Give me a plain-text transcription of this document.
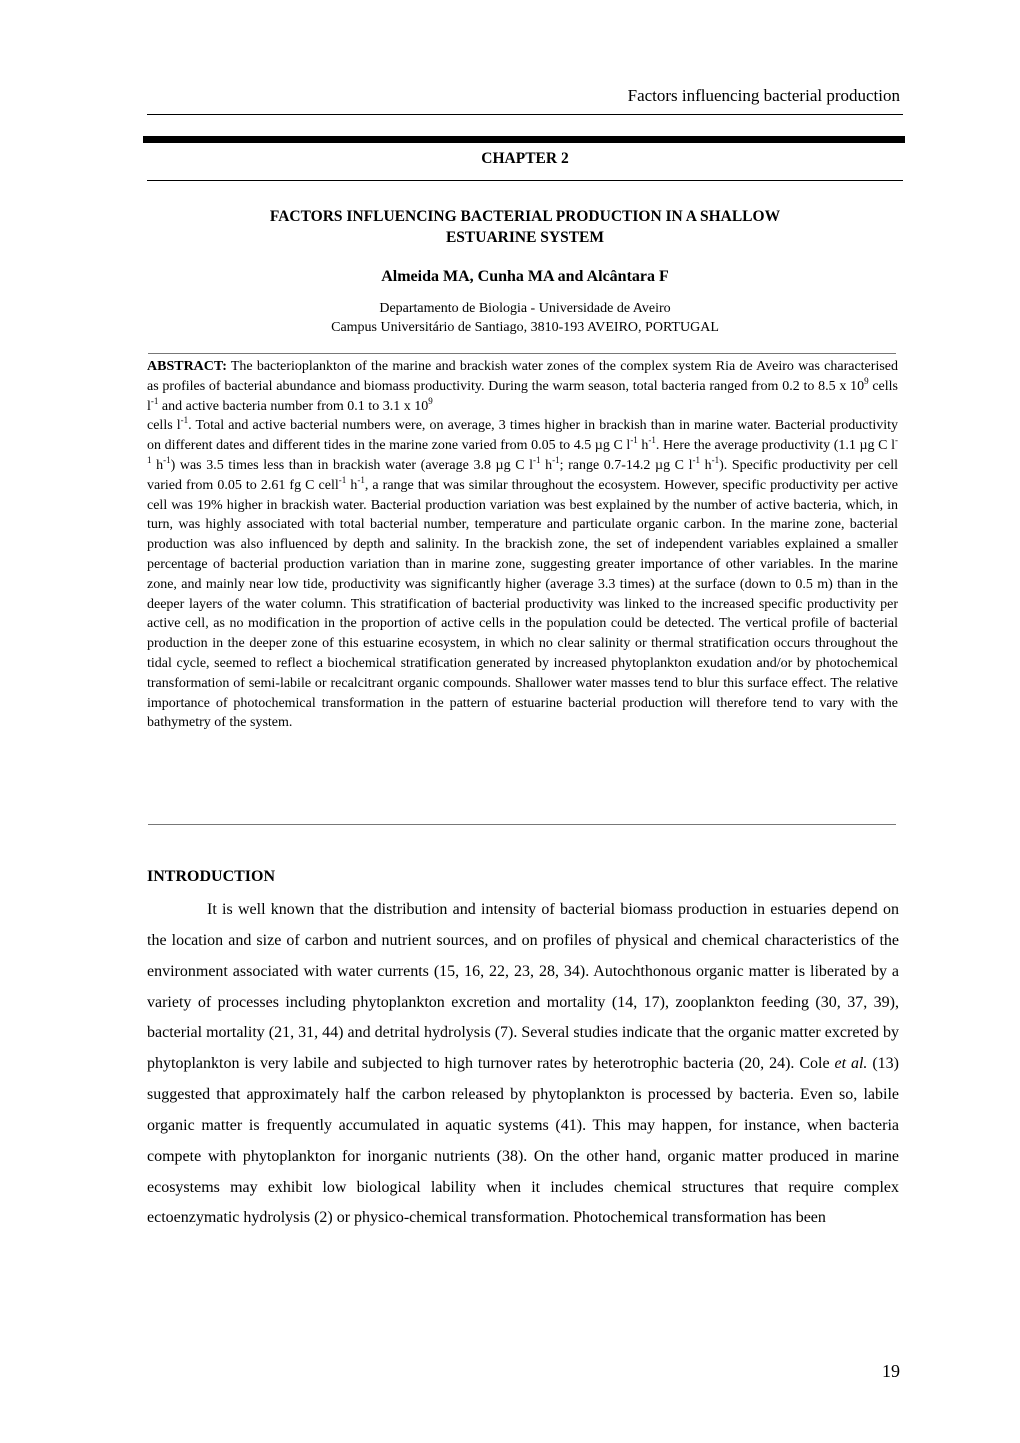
Factors influencing bacterial production
CHAPTER 2
FACTORS INFLUENCING BACTERIAL PRODUCTION IN A SHALLOW
ESTUARINE SYSTEM
Almeida MA, Cunha MA and Alcântara F
Departamento de Biologia - Universidade de Aveiro
Campus Universitário de Santiago, 3810-193 AVEIRO, PORTUGAL
ABSTRACT: The bacterioplankton of the marine and brackish water zones of the complex system Ria de Aveiro was characterised as profiles of bacterial abundance and biomass productivity. During the warm season, total bacteria ranged from 0.2 to 8.5 x $10^9$ cells $l^{-1}$ and active bacteria number from 0.1 to 3.1 x $10^9$
cells $l^{-1}$. Total and active bacterial numbers were, on average, 3 times higher in brackish than in marine water. Bacterial productivity on different dates and different tides in the marine zone varied from 0.05 to 4.5 µg C $l^{-1}$ $h^{-1}$. Here the average productivity (1.1 µg C $l^{-1}$ $h^{-1}$) was 3.5 times less than in brackish water (average 3.8 µg C $l^{-1}$ $h^{-1}$; range 0.7-14.2 µg C $l^{-1}$ $h^{-1}$). Specific productivity per cell varied from 0.05 to 2.61 fg C cell$^{-1}$ $h^{-1}$, a range that was similar throughout the ecosystem. However, specific productivity per active cell was 19% higher in brackish water. Bacterial production variation was best explained by the number of active bacteria, which, in turn, was highly associated with total bacterial number, temperature and particulate organic carbon. In the marine zone, bacterial production was also influenced by depth and salinity. In the brackish zone, the set of independent variables explained a smaller percentage of bacterial production variation than in marine zone, suggesting greater importance of other variables. In the marine zone, and mainly near low tide, productivity was significantly higher (average 3.3 times) at the surface (down to 0.5 m) than in the deeper layers of the water column. This stratification of bacterial productivity was linked to the increased specific productivity per active cell, as no modification in the proportion of active cells in the population could be detected. The vertical profile of bacterial production in the deeper zone of this estuarine ecosystem, in which no clear salinity or thermal stratification occurs throughout the tidal cycle, seemed to reflect a biochemical stratification generated by increased phytoplankton exudation and/or by photochemical transformation of semi-labile or recalcitrant organic compounds. Shallower water masses tend to blur this surface effect. The relative importance of photochemical transformation in the pattern of estuarine bacterial production will therefore tend to vary with the bathymetry of the system.
INTRODUCTION
It is well known that the distribution and intensity of bacterial biomass production in estuaries depend on the location and size of carbon and nutrient sources, and on profiles of physical and chemical characteristics of the environment associated with water currents (15, 16, 22, 23, 28, 34). Autochthonous organic matter is liberated by a variety of processes including phytoplankton excretion and mortality (14, 17), zooplankton feeding (30, 37, 39), bacterial mortality (21, 31, 44) and detrital hydrolysis (7). Several studies indicate that the organic matter excreted by phytoplankton is very labile and subjected to high turnover rates by heterotrophic bacteria (20, 24). Cole et al. (13) suggested that approximately half the carbon released by phytoplankton is processed by bacteria. Even so, labile organic matter is frequently accumulated in aquatic systems (41). This may happen, for instance, when bacteria compete with phytoplankton for inorganic nutrients (38). On the other hand, organic matter produced in marine ecosystems may exhibit low biological lability when it includes chemical structures that require complex ectoenzymatic hydrolysis (2) or physico-chemical transformation. Photochemical transformation has been
19
